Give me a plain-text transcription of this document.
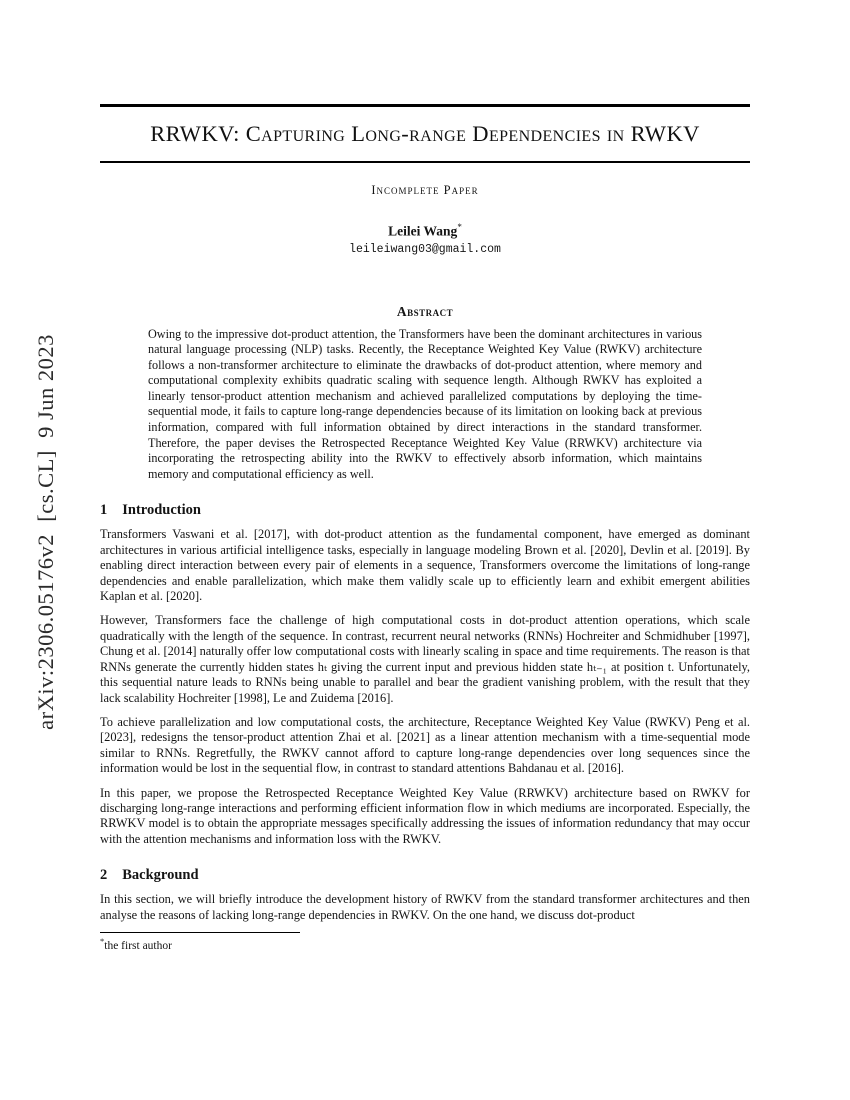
arXiv:2306.05176v2  [cs.CL]  9 Jun 2023
RRWKV: Capturing Long-range Dependencies in RWKV
Incomplete Paper
Leilei Wang*
leileiwang03@gmail.com
Abstract

Owing to the impressive dot-product attention, the Transformers have been the dominant architectures in various natural language processing (NLP) tasks. Recently, the Receptance Weighted Key Value (RWKV) architecture follows a non-transformer architecture to eliminate the drawbacks of dot-product attention, where memory and computational complexity exhibits quadratic scaling with sequence length. Although RWKV has exploited a linearly tensor-product attention mechanism and achieved parallelized computations by deploying the time-sequential mode, it fails to capture long-range dependencies because of its limitation on looking back at previous information, compared with full information obtained by direct interactions in the standard transformer. Therefore, the paper devises the Retrospected Receptance Weighted Key Value (RRWKV) architecture via incorporating the retrospecting ability into the RWKV to effectively absorb information, which maintains memory and computational efficiency as well.

1 Introduction

Transformers Vaswani et al. [2017], with dot-product attention as the fundamental component, have emerged as dominant architectures in various artificial intelligence tasks, especially in language modeling Brown et al. [2020], Devlin et al. [2019]. By enabling direct interaction between every pair of elements in a sequence, Transformers overcome the limitations of long-range dependencies and enable parallelization, which make them validly scale up to efficiently learn and exhibit emergent abilities Kaplan et al. [2020].

However, Transformers face the challenge of high computational costs in dot-product attention operations, which scale quadratically with the length of the sequence. In contrast, recurrent neural networks (RNNs) Hochreiter and Schmidhuber [1997], Chung et al. [2014] naturally offer low computational costs with linearly scaling in space and time requirements. The reason is that RNNs generate the currently hidden states hₜ giving the current input and previous hidden state hₜ₋₁ at position t. Unfortunately, this sequential nature leads to RNNs being unable to parallel and bear the gradient vanishing problem, with the result that they lack scalability Hochreiter [1998], Le and Zuidema [2016].

To achieve parallelization and low computational costs, the architecture, Receptance Weighted Key Value (RWKV) Peng et al. [2023], redesigns the tensor-product attention Zhai et al. [2021] as a linear attention mechanism with a time-sequential mode similar to RNNs. Regretfully, the RWKV cannot afford to capture long-range dependencies over long sequences since the information would be lost in the sequential flow, in contrast to standard attentions Bahdanau et al. [2016].

In this paper, we propose the Retrospected Receptance Weighted Key Value (RRWKV) architecture based on RWKV for discharging long-range interactions and performing efficient information flow in which mediums are incorporated. Especially, the RRWKV model is to obtain the appropriate messages specifically addressing the issues of information redundancy that may occur with the attention mechanisms and information loss with the RWKV.

2 Background

In this section, we will briefly introduce the development history of RWKV from the standard transformer architectures and then analyse the reasons of lacking long-range dependencies in RWKV. On the one hand, we discuss dot-product

*the first author
